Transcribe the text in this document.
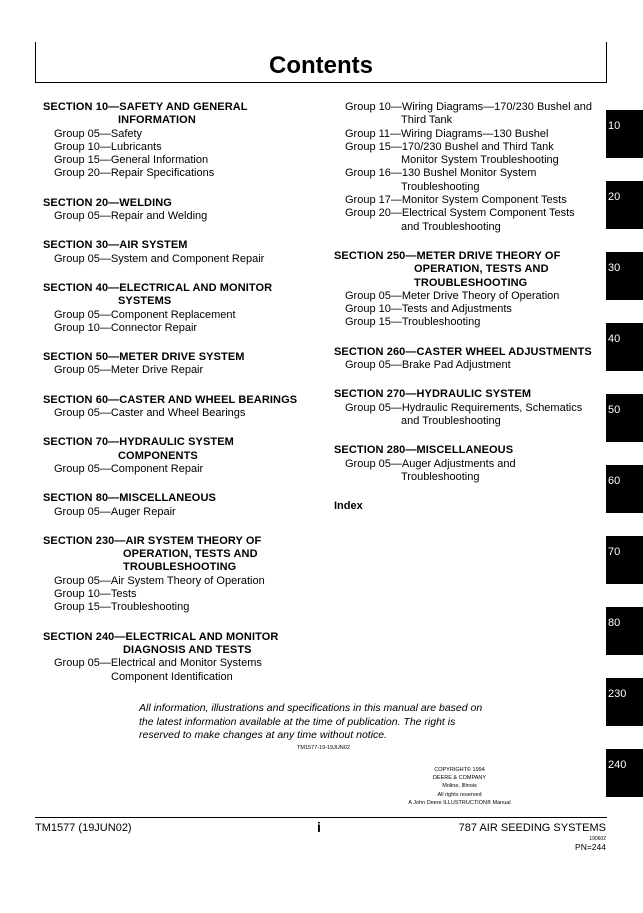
Contents
SECTION 10—SAFETY AND GENERAL
INFORMATION
Group 05—Safety
Group 10—Lubricants
Group 15—General Information
Group 20—Repair Specifications
SECTION 20—WELDING
Group 05—Repair and Welding
SECTION 30—AIR SYSTEM
Group 05—System and Component Repair
SECTION 40—ELECTRICAL AND MONITOR
SYSTEMS
Group 05—Component Replacement
Group 10—Connector Repair
SECTION 50—METER DRIVE SYSTEM
Group 05—Meter Drive Repair
SECTION 60—CASTER AND WHEEL BEARINGS
Group 05—Caster and Wheel Bearings
SECTION 70—HYDRAULIC SYSTEM
COMPONENTS
Group 05—Component Repair
SECTION 80—MISCELLANEOUS
Group 05—Auger Repair
SECTION 230—AIR SYSTEM THEORY OF
OPERATION, TESTS AND
TROUBLESHOOTING
Group 05—Air System Theory of Operation
Group 10—Tests
Group 15—Troubleshooting
SECTION 240—ELECTRICAL AND MONITOR
DIAGNOSIS AND TESTS
Group 05—Electrical and Monitor Systems
Component Identification
Group 10—Wiring Diagrams—170/230 Bushel and
Third Tank
Group 11—Wiring Diagrams—130 Bushel
Group 15—170/230 Bushel and Third Tank
Monitor System Troubleshooting
Group 16—130 Bushel Monitor System
Troubleshooting
Group 17—Monitor System Component Tests
Group 20—Electrical System Component Tests
and Troubleshooting
SECTION 250—METER DRIVE THEORY OF
OPERATION, TESTS AND
TROUBLESHOOTING
Group 05—Meter Drive Theory of Operation
Group 10—Tests and Adjustments
Group 15—Troubleshooting
SECTION 260—CASTER WHEEL ADJUSTMENTS
Group 05—Brake Pad Adjustment
SECTION 270—HYDRAULIC SYSTEM
Group 05—Hydraulic Requirements, Schematics
and Troubleshooting
SECTION 280—MISCELLANEOUS
Group 05—Auger Adjustments and
Troubleshooting
Index
10
20
30
40
50
60
70
80
230
240
All information, illustrations and specifications in this manual are based on
the latest information available at the time of publication. The right is
reserved to make changes at any time without notice.
TM1577-19-19JUN02
COPYRIGHT© 1994
DEERE & COMPANY
Moline, Illinois
All rights reserved
A John Deere ILLUSTRUCTION® Manual
TM1577 (19JUN02)	i	787 AIR SEEDING SYSTEMS
190602
PN=244
